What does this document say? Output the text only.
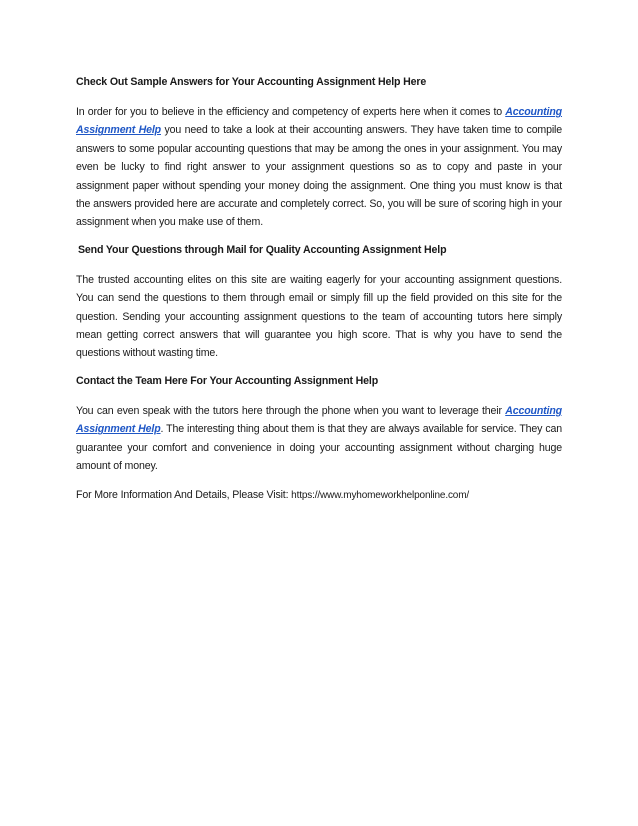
Check Out Sample Answers for Your Accounting Assignment Help Here

In order for you to believe in the efficiency and competency of experts here when it comes to Accounting Assignment Help you need to take a look at their accounting answers. They have taken time to compile answers to some popular accounting questions that may be among the ones in your assignment. You may even be lucky to find right answer to your assignment questions so as to copy and paste in your assignment paper without spending your money doing the assignment. One thing you must know is that the answers provided here are accurate and completely correct. So, you will be sure of scoring high in your assignment when you make use of them.

Send Your Questions through Mail for Quality Accounting Assignment Help

The trusted accounting elites on this site are waiting eagerly for your accounting assignment questions. You can send the questions to them through email or simply fill up the field provided on this site for the question. Sending your accounting assignment questions to the team of accounting tutors here simply mean getting correct answers that will guarantee you high score. That is why you have to send the questions without wasting time.

Contact the Team Here For Your Accounting Assignment Help

You can even speak with the tutors here through the phone when you want to leverage their Accounting Assignment Help. The interesting thing about them is that they are always available for service. They can guarantee your comfort and convenience in doing your accounting assignment without charging huge amount of money.

For More Information And Details, Please Visit: https://www.myhomeworkhelponline.com/
